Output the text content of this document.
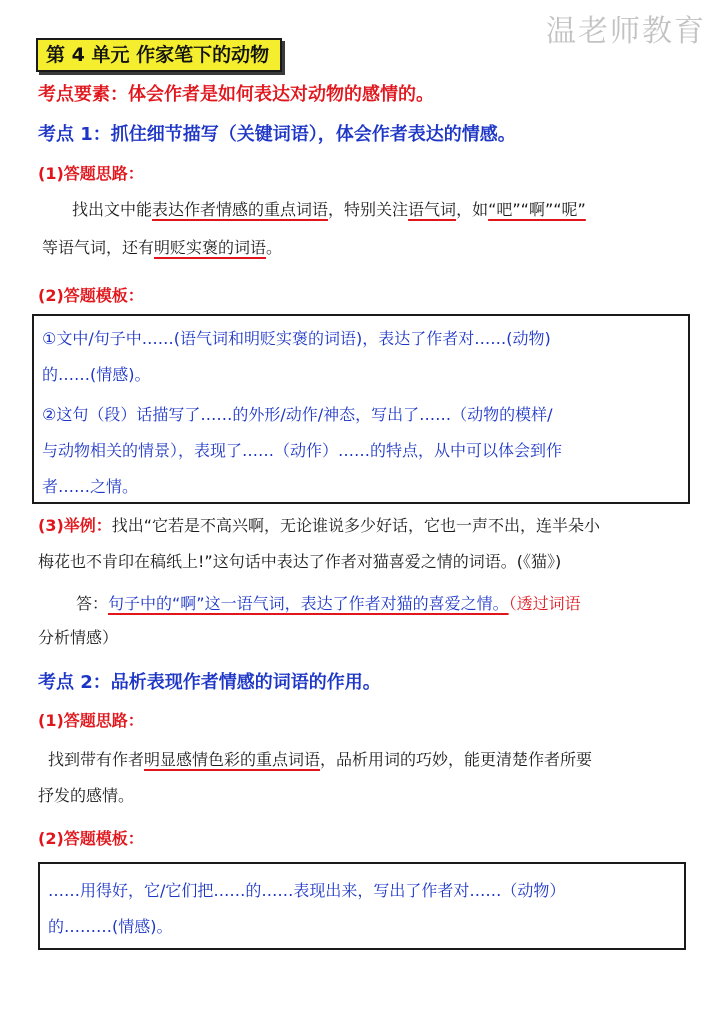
温老师教育
第 4 单元 作家笔下的动物
考点要素：体会作者是如何表达对动物的感情的。
考点 1：抓住细节描写（关键词语），体会作者表达的情感。
(1)答题思路：
找出文中能表达作者情感的重点词语，特别关注语气词，如“吧”“啊”“呢”
等语气词，还有明贬实褒的词语。
(2)答题模板：
①文中/句子中……(语气词和明贬实褒的词语)，表达了作者对……(动物)
的……(情感)。
②这句（段）话描写了……的外形/动作/神态，写出了……（动物的模样/
与动物相关的情景），表现了……（动作）……的特点，从中可以体会到作
者……之情。
(3)举例：找出“它若是不高兴啊，无论谁说多少好话，它也一声不出，连半朵小
梅花也不肯印在稿纸上!”这句话中表达了作者对猫喜爱之情的词语。(《猫》)
答：句子中的“啊”这一语气词，表达了作者对猫的喜爱之情。（透过词语
分析情感）
考点 2：品析表现作者情感的词语的作用。
(1)答题思路：
找到带有作者明显感情色彩的重点词语，品析用词的巧妙，能更清楚作者所要
抒发的感情。
(2)答题模板：
……用得好，它/它们把……的……表现出来，写出了作者对……（动物）
的………(情感)。
